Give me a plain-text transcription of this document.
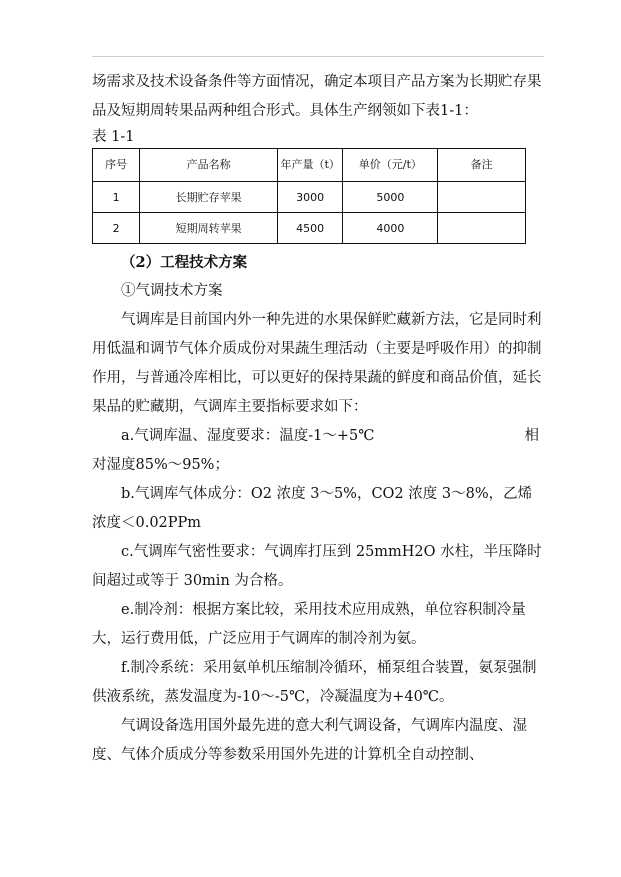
场需求及技术设备条件等方面情况，确定本项目产品方案为长期贮存果品及短期周转果品两种组合形式。具体生产纲领如下表1-1：

表 1-1

序号	产品名称	年产量（t）	单价（元/t）	备注
1	长期贮存苹果	3000	5000	
2	短期周转苹果	4500	4000	

（2）工程技术方案

①气调技术方案

气调库是目前国内外一种先进的水果保鲜贮藏新方法，它是同时利用低温和调节气体介质成份对果蔬生理活动（主要是呼吸作用）的抑制作用，与普通冷库相比，可以更好的保持果蔬的鲜度和商品价值，延长果品的贮藏期，气调库主要指标要求如下：

a.气调库温、湿度要求：温度-1～+5℃	相对湿度85%～95%；

b.气调库气体成分：O2 浓度 3～5%，CO2 浓度 3～8%，乙烯浓度＜0.02PPm

c.气调库气密性要求：气调库打压到 25mmH2O 水柱，半压降时间超过或等于 30min 为合格。

e.制冷剂：根据方案比较，采用技术应用成熟，单位容积制冷量大，运行费用低，广泛应用于气调库的制冷剂为氨。

f.制冷系统：采用氨单机压缩制冷循环，桶泵组合装置，氨泵强制供液系统，蒸发温度为-10～-5℃，冷凝温度为+40℃。

气调设备选用国外最先进的意大利气调设备，气调库内温度、湿度、气体介质成分等参数采用国外先进的计算机全自动控制、
